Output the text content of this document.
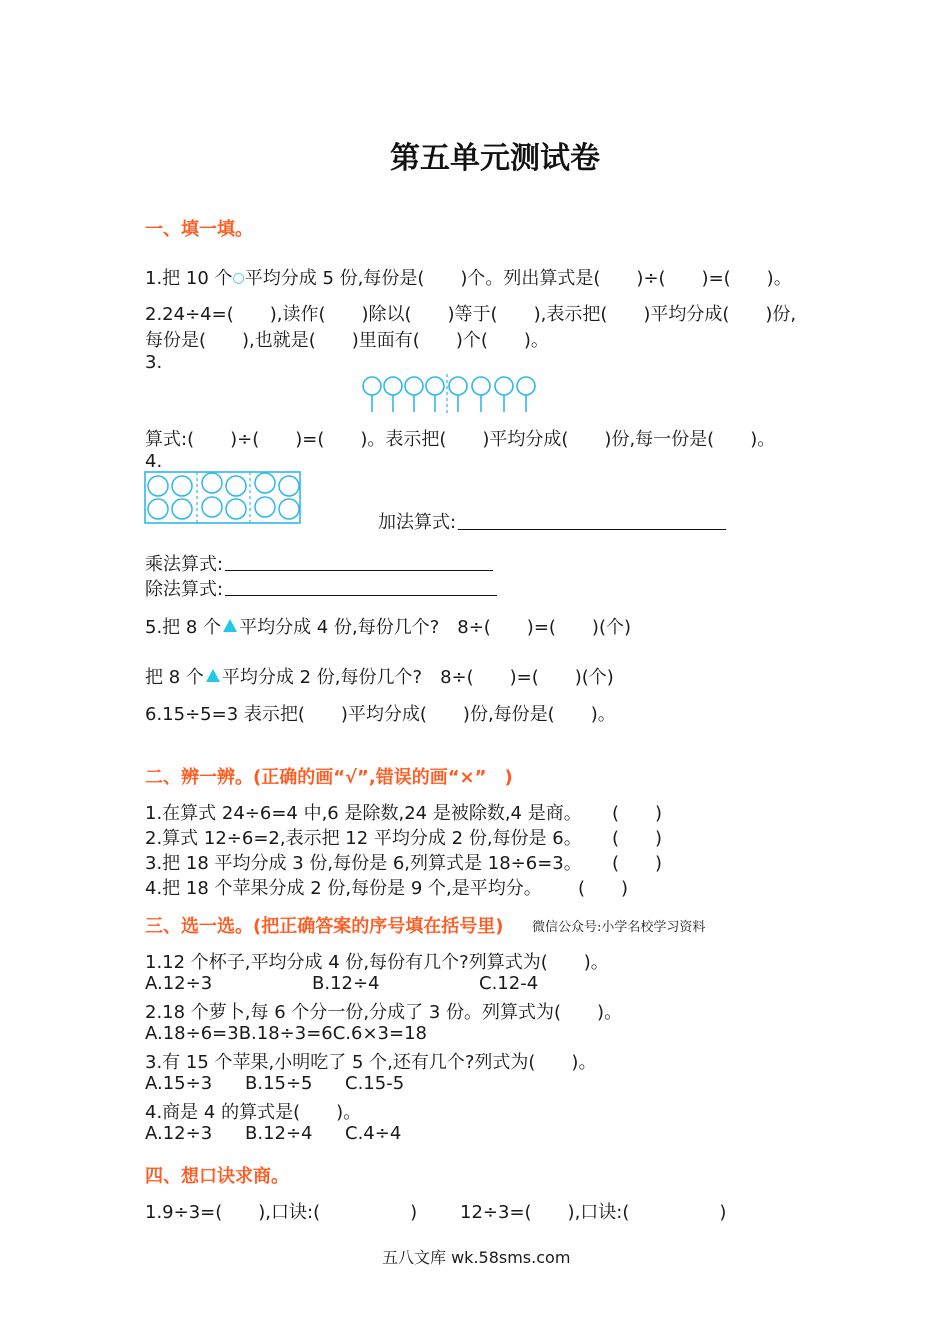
第五单元测试卷
一、填一填。
1.把 10 个○平均分成 5 份,每份是(　　)个。列出算式是(　　)÷(　　)=(　　)。
2.24÷4=(　　),读作(　　)除以(　　)等于(　　),表示把(　　)平均分成(　　)份,
每份是(　　),也就是(　　)里面有(　　)个(　　)。
3.
算式:(　　)÷(　　)=(　　)。表示把(　　)平均分成(　　)份,每一份是(　　)。
4.
加法算式:
乘法算式:
除法算式:
5.把 8 个 平均分成 4 份,每份几个?　8÷(　　)=(　　)(个)
把 8 个 平均分成 2 份,每份几个?　8÷(　　)=(　　)(个)
6.15÷5=3 表示把(　　)平均分成(　　)份,每份是(　　)。
二、辨一辨。(正确的画“√”,错误的画“×”　)
1.在算式 24÷6=4 中,6 是除数,24 是被除数,4 是商。 (　　)
2.算式 12÷6=2,表示把 12 平均分成 2 份,每份是 6。 (　　)
3.把 18 平均分成 3 份,每份是 6,列算式是 18÷6=3。 (　　)
4.把 18 个苹果分成 2 份,每份是 9 个,是平均分。 (　　)
三、选一选。(把正确答案的序号填在括号里) 微信公众号:小学名校学习资料
1.12 个杯子,平均分成 4 份,每份有几个?列算式为(　　)。
A.12÷3	B.12÷4	C.12-4
2.18 个萝卜,每 6 个分一份,分成了 3 份。列算式为(　　)。
A.18÷6=3B.18÷3=6C.6×3=18
3.有 15 个苹果,小明吃了 5 个,还有几个?列式为(　　)。
A.15÷3 B.15÷5 C.15-5
4.商是 4 的算式是(　　)。
A.12÷3 B.12÷4 C.4÷4
四、想口诀求商。
1.9÷3=(　　),口诀:(　　　　　) 12÷3=(　　),口诀:(　　　　　)
五八文库 wk.58sms.com
